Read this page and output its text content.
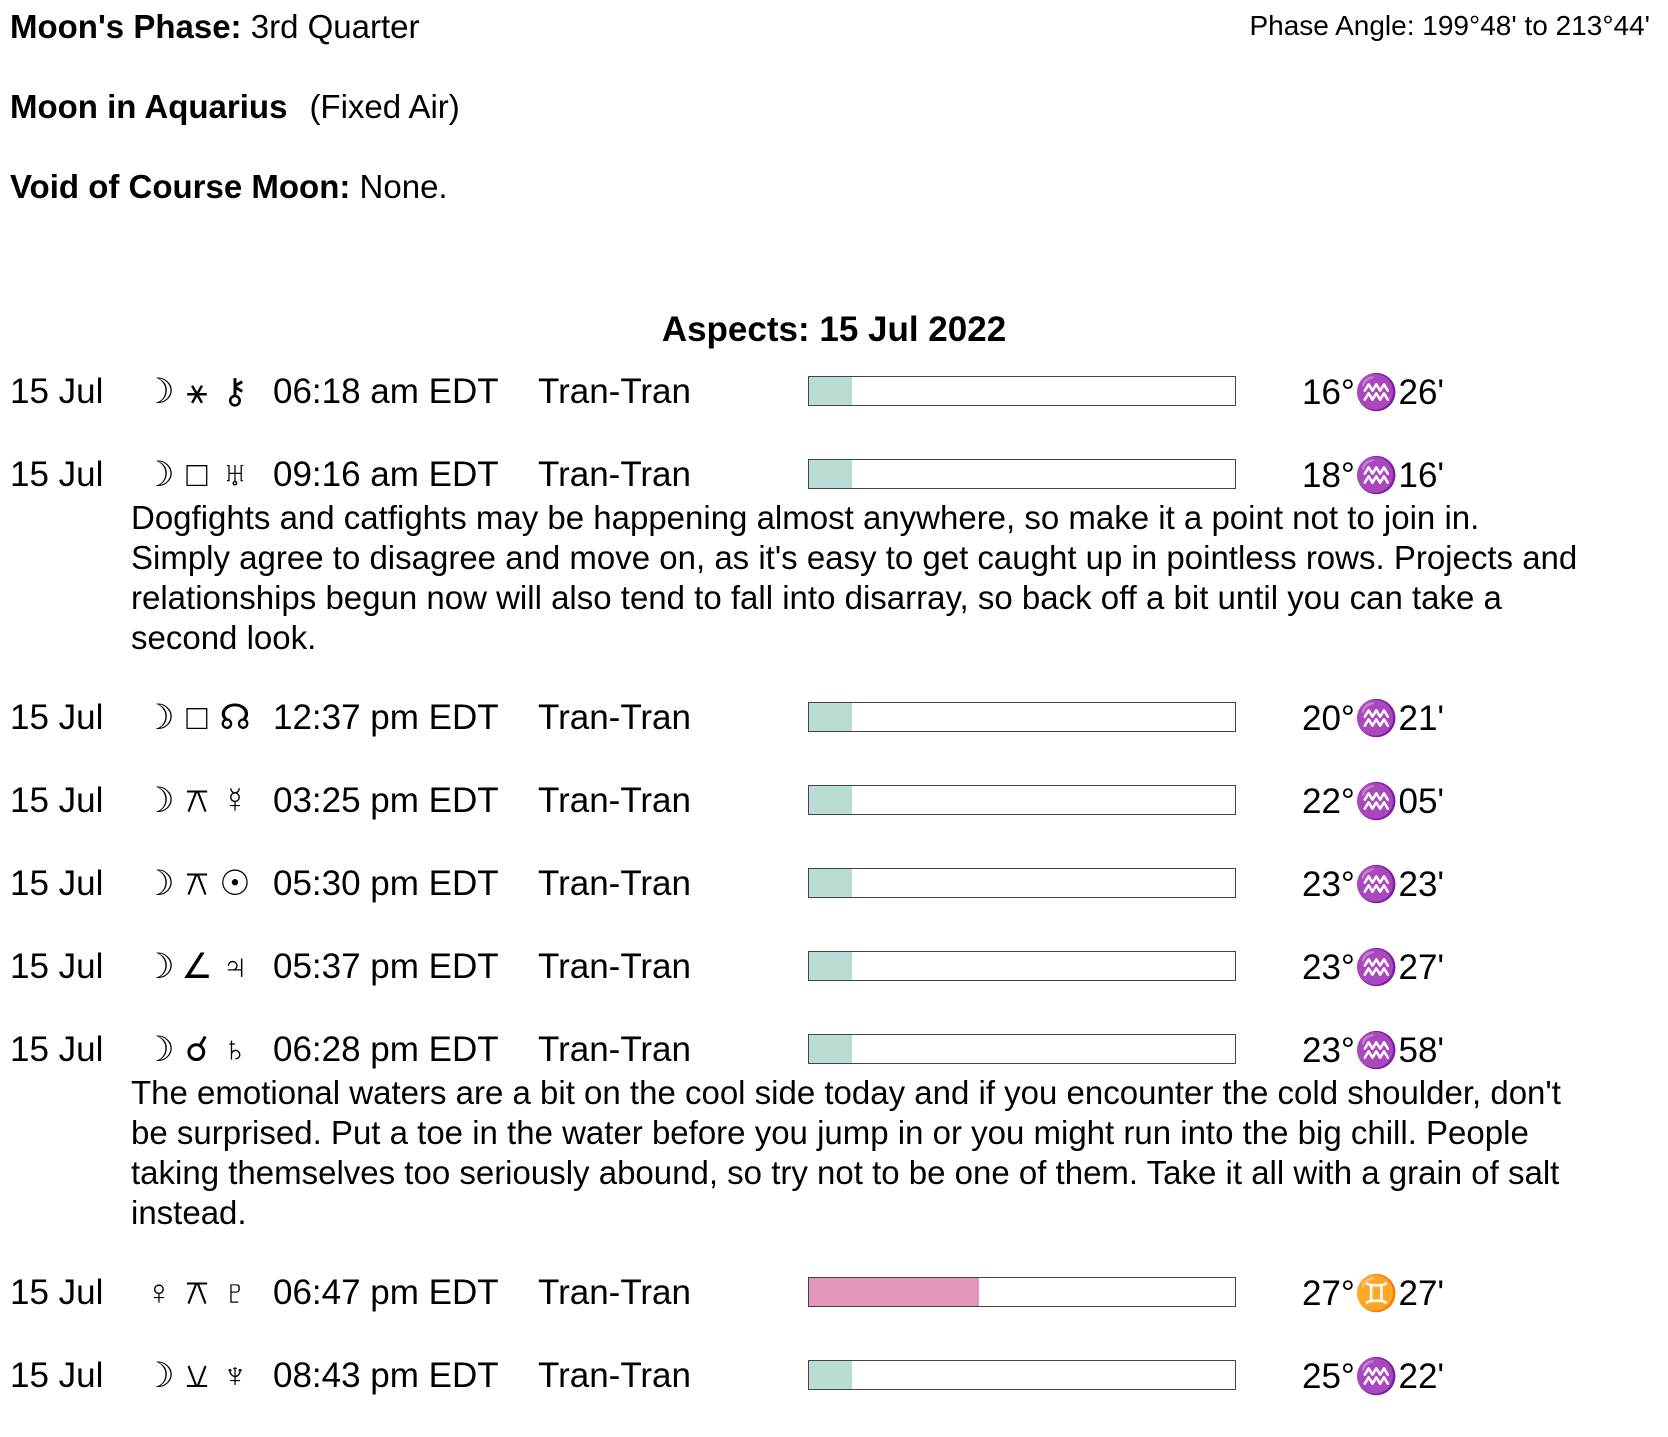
Moon's Phase: 3rd Quarter	Phase Angle: 199°48' to 213°44'
Moon in Aquarius (Fixed Air)
Void of Course Moon: None.
Aspects: 15 Jul 2022
15 Jul ☽ ⚹ ⚷ 06:18 am EDT Tran-Tran	16°♒26'
15 Jul ☽ □ ♅ 09:16 am EDT Tran-Tran	18°♒16'
Dogfights and catfights may be happening almost anywhere, so make it a point not to join in. Simply agree to disagree and move on, as it's easy to get caught up in pointless rows. Projects and relationships begun now will also tend to fall into disarray, so back off a bit until you can take a second look.
15 Jul ☽ □ ☊ 12:37 pm EDT Tran-Tran	20°♒21'
15 Jul ☽ ⚻ ☿ 03:25 pm EDT Tran-Tran	22°♒05'
15 Jul ☽ ⚻ ☉ 05:30 pm EDT Tran-Tran	23°♒23'
15 Jul ☽ ∠ ♃ 05:37 pm EDT Tran-Tran	23°♒27'
15 Jul ☽ ☌ ♄ 06:28 pm EDT Tran-Tran	23°♒58'
The emotional waters are a bit on the cool side today and if you encounter the cold shoulder, don't be surprised. Put a toe in the water before you jump in or you might run into the big chill. People taking themselves too seriously abound, so try not to be one of them. Take it all with a grain of salt instead.
15 Jul ♀ ⚻ ♇ 06:47 pm EDT Tran-Tran	27°♊27'
15 Jul ☽ ⚺ ♆ 08:43 pm EDT Tran-Tran	25°♒22'
